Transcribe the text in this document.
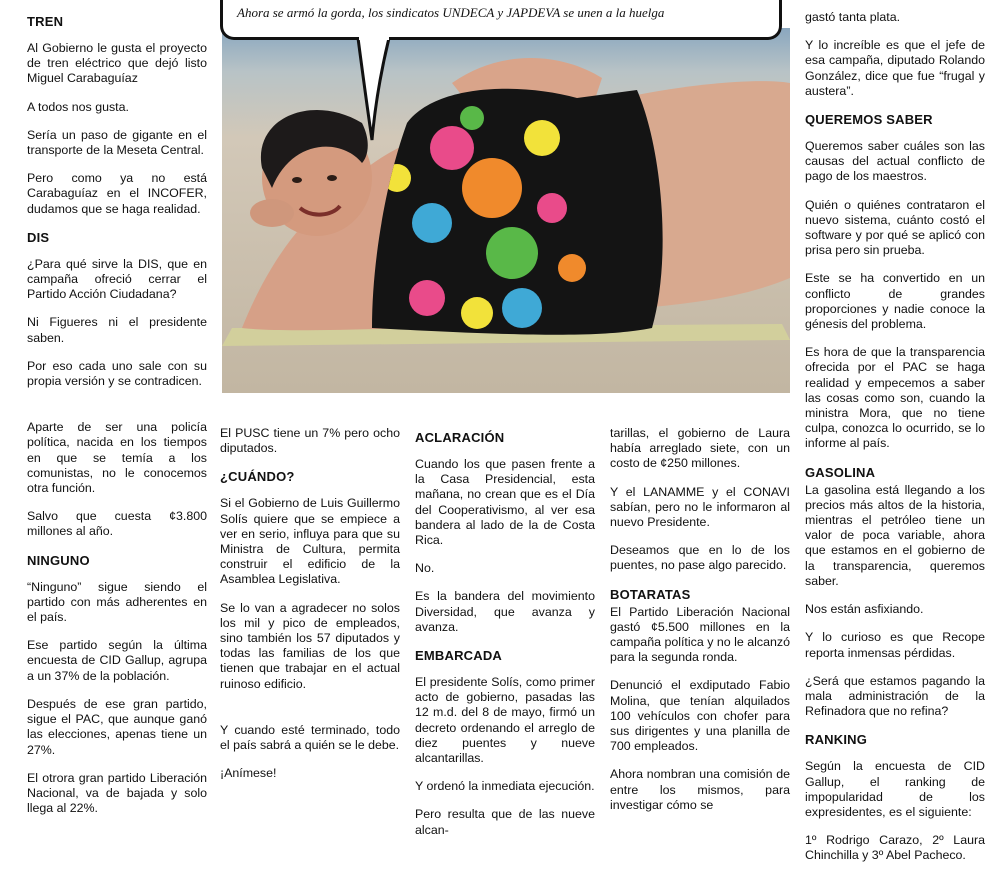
TREN

Al Gobierno le gusta el proyecto de tren eléctrico que dejó listo Miguel Carabaguíaz

A todos nos gusta.

Sería un paso de gigante en el transporte de la Meseta Central.

Pero como ya no está Carabaguíaz en el INCOFER, dudamos que se haga realidad.

DIS

¿Para qué sirve la DIS, que en campaña ofreció cerrar el Partido Acción Ciudadana?

Ni Figueres ni el presidente saben.

Por eso cada uno sale con su propia versión y se contradicen.

Aparte de ser una policía política, nacida en los tiempos en que se temía a los comunistas, no le conocemos otra función.

Salvo que cuesta ¢3.800 millones al año.

NINGUNO

“Ninguno” sigue siendo el partido con más adherentes en el país.

Ese partido según la última encuesta de CID Gallup, agrupa a un 37% de la población.

Después de ese gran partido, sigue el PAC, que aunque ganó las elecciones, apenas tiene un 27%.

El otrora gran partido Liberación Nacional, va de bajada y solo llega al 22%.

Ahora se armó la gorda, los sindicatos UNDECA y JAPDEVA se unen a la huelga

El PUSC tiene un 7% pero ocho diputados.

¿CUÁNDO?

Si el Gobierno de Luis Guillermo Solís quiere que se empiece a ver en serio, influya para que su Ministra de Cultura, permita construir el edificio de la Asamblea Legislativa.

Se lo van a agradecer no solos los mil y pico de empleados, sino también los 57 diputados y todas las familias de los que tienen que trabajar en el actual ruinoso edificio.

Y cuando esté terminado, todo el país sabrá a quién se le debe.

¡Anímese!

ACLARACIÓN

Cuando los que pasen frente a la Casa Presidencial, esta mañana, no crean que es el Día del Cooperativismo, al ver esa bandera al lado de la de Costa Rica.

No.

Es la bandera del movimiento Diversidad, que avanza y avanza.

EMBARCADA

El presidente Solís, como primer acto de gobierno, pasadas las 12 m.d. del 8 de mayo, firmó un decreto ordenando el arreglo de diez puentes y nueve alcantarillas.

Y ordenó la inmediata ejecución.

Pero resulta que de las nueve alcan-

tarillas, el gobierno de Laura había arreglado siete, con un costo de ¢250 millones.

Y el LANAMME y el CONAVI sabían, pero no le informaron al nuevo Presidente.

Deseamos que en lo de los puentes, no pase algo parecido.

BOTARATAS

El Partido Liberación Nacional gastó ¢5.500 millones en la campaña política y no le alcanzó para la segunda ronda.

Denunció el exdiputado Fabio Molina, que tenían alquilados 100 vehículos con chofer para sus dirigentes y una planilla de 700 empleados.

Ahora nombran una comisión de entre los mismos, para investigar cómo se

gastó tanta plata.

Y lo increíble es que el jefe de esa campaña, diputado Rolando González, dice que fue “frugal y austera”.

QUEREMOS SABER

Queremos saber cuáles son las causas del actual conflicto de pago de los maestros.

Quién o quiénes contrataron el nuevo sistema, cuánto costó el software y por qué se aplicó con prisa pero sin prueba.

Este se ha convertido en un conflicto de grandes proporciones y nadie conoce la génesis del problema.

Es hora de que la transparencia ofrecida por el PAC se haga realidad y empecemos a saber las cosas como son, cuando la ministra Mora, que no tiene culpa, conozca lo ocurrido, se lo informe al país.

GASOLINA

La gasolina está llegando a los precios más altos de la historia, mientras el petróleo tiene un valor de poca variable, ahora que estamos en el gobierno de la transparencia, queremos saber.

Nos están asfixiando.

Y lo curioso es que Recope reporta inmensas pérdidas.

¿Será que estamos pagando la mala administración de la Refinadora que no refina?

RANKING

Según la encuesta de CID Gallup, el ranking de impopularidad de los expresidentes, es el siguiente:

1º Rodrigo Carazo, 2º Laura Chinchilla y 3º Abel Pacheco.
